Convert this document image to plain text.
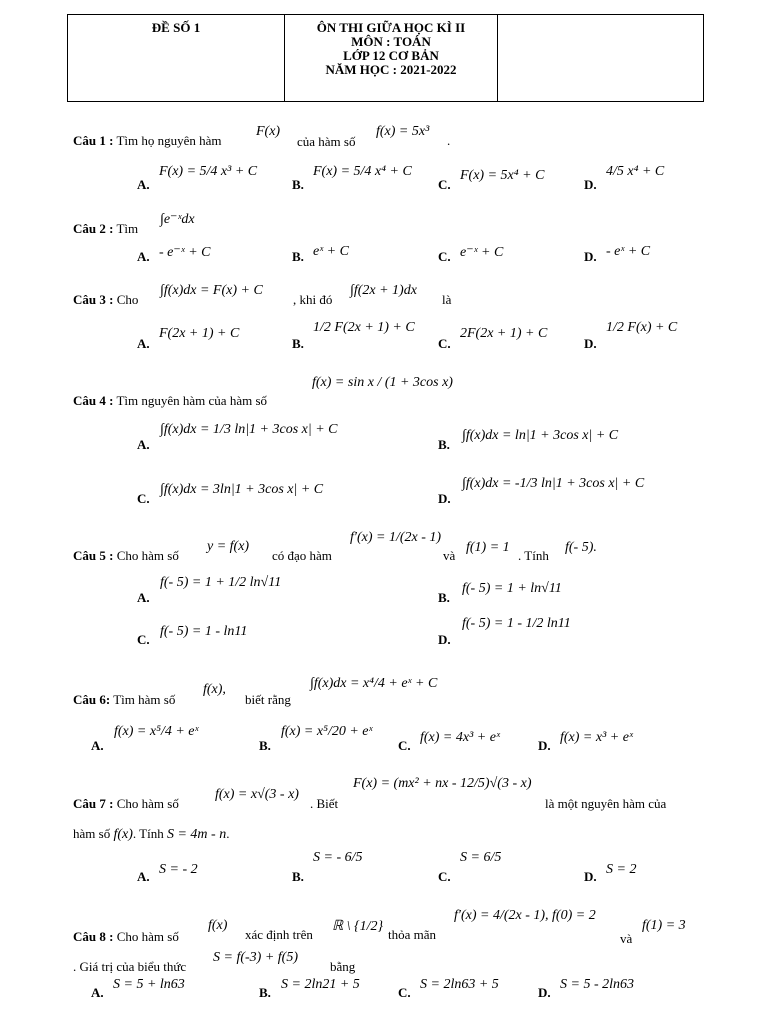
ĐỀ SỐ 1	ÔN THI GIỮA HỌC KÌ II
MÔN : TOÁN
LỚP 12 CƠ BẢN
NĂM HỌC : 2021-2022

Câu 1 : Tìm họ nguyên hàm
F(x)
của hàm số
f(x) = 5x³
.
A.
F(x) = 5/4 x³ + C
B.
F(x) = 5/4 x⁴ + C
C.
F(x) = 5x⁴ + C
D.
4/5 x⁴ + C
Câu 2 : Tìm
∫e⁻ˣdx
A. - e⁻ˣ + C	B. eˣ + C	C. e⁻ˣ + C	D. - eˣ + C
Câu 3 : Cho
∫f(x)dx = F(x) + C
, khi đó
∫f(2x + 1)dx
là
A.
F(2x + 1) + C
B.
1/2 F(2x + 1) + C
C.
2F(2x + 1) + C
D.
1/2 F(x) + C
Câu 4 : Tìm nguyên hàm của hàm số
f(x) = sin x / (1 + 3cos x)
A.
∫f(x)dx = 1/3 ln|1 + 3cos x| + C
B.
∫f(x)dx = ln|1 + 3cos x| + C
C.
∫f(x)dx = 3ln|1 + 3cos x| + C
D.
∫f(x)dx = -1/3 ln|1 + 3cos x| + C
Câu 5 : Cho hàm số
y = f(x)
có đạo hàm
f′(x) = 1/(2x - 1)
và
f(1) = 1
. Tính
f(- 5).
A.
f(- 5) = 1 + 1/2 ln√11
B.
f(- 5) = 1 + ln√11
C.
f(- 5) = 1 - ln11
D.
f(- 5) = 1 - 1/2 ln11
Câu 6: Tìm hàm số
f(x),
biết rằng
∫f(x)dx = x⁴/4 + eˣ + C
A.
f(x) = x⁵/4 + eˣ
B.
f(x) = x⁵/20 + eˣ
C.
f(x) = 4x³ + eˣ
D.
f(x) = x³ + eˣ
Câu 7 : Cho hàm số
f(x) = x√(3 - x)
. Biết
F(x) = (mx² + nx - 12/5)√(3 - x)
là một nguyên hàm của
hàm số f(x). Tính S = 4m - n.
A. S = - 2	B.
S = - 6/5
C.
S = 6/5
D. S = 2
Câu 8 : Cho hàm số
f(x)
xác định trên
ℝ \ {1/2}
thỏa mãn
f′(x) = 4/(2x - 1), f(0) = 2
và
f(1) = 3
. Giá trị của biểu thức
S = f(-3) + f(5)
bằng
A.
S = 5 + ln63
B.
S = 2ln21 + 5
C.
S = 2ln63 + 5
D.
S = 5 - 2ln63
